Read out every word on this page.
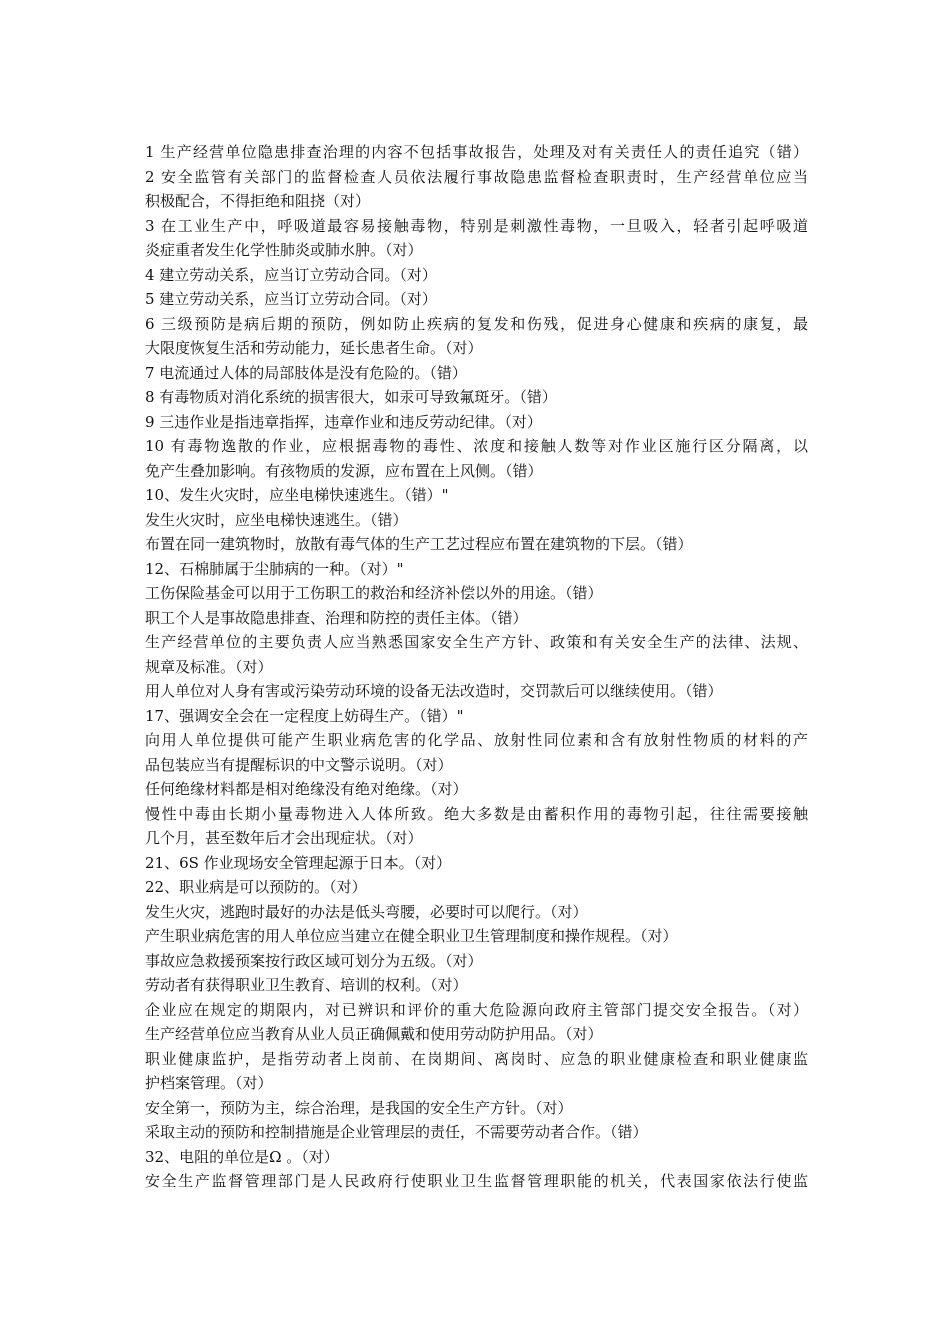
1 生产经营单位隐患排查治理的内容不包括事故报告，处理及对有关责任人的责任追究（错）

2 安全监管有关部门的监督检查人员依法履行事故隐患监督检查职责时，生产经营单位应当

积极配合，不得拒绝和阻挠（对）

3 在工业生产中，呼吸道最容易接触毒物，特别是刺激性毒物，一旦吸入，轻者引起呼吸道

炎症重者发生化学性肺炎或肺水肿。（对）

4 建立劳动关系，应当订立劳动合同。（对）

5 建立劳动关系，应当订立劳动合同。（对）

6 三级预防是病后期的预防，例如防止疾病的复发和伤残，促进身心健康和疾病的康复，最

大限度恢复生活和劳动能力，延长患者生命。（对）

7 电流通过人体的局部肢体是没有危险的。（错）

8 有毒物质对消化系统的损害很大，如汞可导致氟斑牙。（错）

9 三违作业是指违章指挥，违章作业和违反劳动纪律。（对）

10 有毒物逸散的作业，应根据毒物的毒性、浓度和接触人数等对作业区施行区分隔离，以

免产生叠加影响。有孩物质的发源，应布置在上风侧。（错）

10、发生火灾时，应坐电梯快速逃生。（错）"

发生火灾时，应坐电梯快速逃生。（错）

布置在同一建筑物时，放散有毒气体的生产工艺过程应布置在建筑物的下层。（错）

12、石棉肺属于尘肺病的一种。（对）"

工伤保险基金可以用于工伤职工的救治和经济补偿以外的用途。（错）

职工个人是事故隐患排查、治理和防控的责任主体。（错）

生产经营单位的主要负责人应当熟悉国家安全生产方针、政策和有关安全生产的法律、法规、

规章及标准。（对）

用人单位对人身有害或污染劳动环境的设备无法改造时，交罚款后可以继续使用。（错）

17、强调安全会在一定程度上妨碍生产。（错）"

向用人单位提供可能产生职业病危害的化学品、放射性同位素和含有放射性物质的材料的产

品包装应当有提醒标识的中文警示说明。（对）

任何绝缘材料都是相对绝缘没有绝对绝缘。（对）

慢性中毒由长期小量毒物进入人体所致。绝大多数是由蓄积作用的毒物引起，往往需要接触

几个月，甚至数年后才会出现症状。（对）

21、6S 作业现场安全管理起源于日本。（对）

22、职业病是可以预防的。（对）

发生火灾，逃跑时最好的办法是低头弯腰，必要时可以爬行。（对）

产生职业病危害的用人单位应当建立在健全职业卫生管理制度和操作规程。（对）

事故应急救援预案按行政区域可划分为五级。（对）

劳动者有获得职业卫生教育、培训的权利。（对）

企业应在规定的期限内，对已辨识和评价的重大危险源向政府主管部门提交安全报告。（对）

生产经营单位应当教育从业人员正确佩戴和使用劳动防护用品。（对）

职业健康监护，是指劳动者上岗前、在岗期间、离岗时、应急的职业健康检查和职业健康监

护档案管理。（对）

安全第一，预防为主，综合治理，是我国的安全生产方针。（对）

采取主动的预防和控制措施是企业管理层的责任，不需要劳动者合作。（错）

32、电阻的单位是Ω 。（对）

安全生产监督管理部门是人民政府行使职业卫生监督管理职能的机关，代表国家依法行使监
